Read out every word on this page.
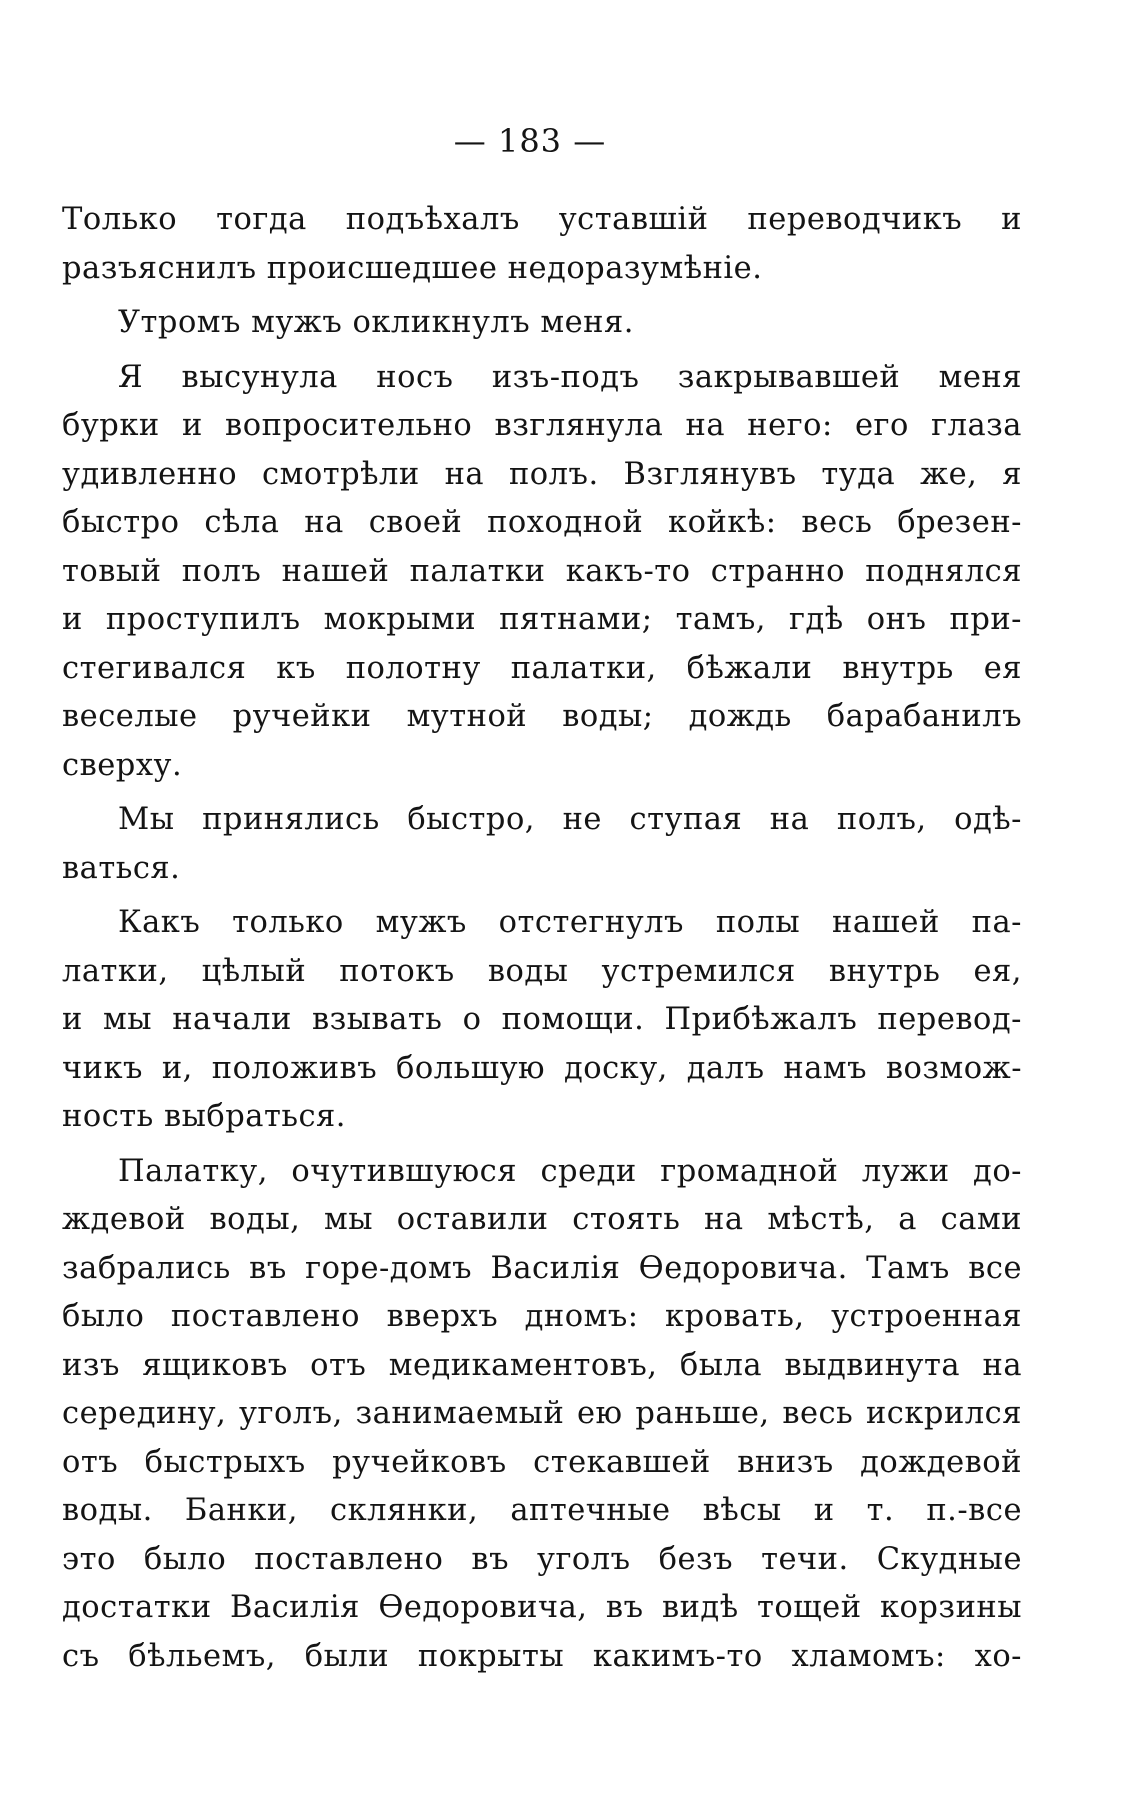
— 183 —
Только тогда подъѣхалъ уставшій переводчикъ и
разъяснилъ происшедшее недоразумѣніе.
Утромъ мужъ окликнулъ меня.
Я высунула носъ изъ-подъ закрывавшей меня
бурки и вопросительно взглянула на него: его глаза
удивленно смотрѣли на полъ. Взглянувъ туда же, я
быстро сѣла на своей походной койкѣ: весь брезен-
товый полъ нашей палатки какъ-то странно поднялся
и проступилъ мокрыми пятнами; тамъ, гдѣ онъ при-
стегивался къ полотну палатки, бѣжали внутрь ея
веселые ручейки мутной воды; дождь барабанилъ
сверху.
Мы принялись быстро, не ступая на полъ, одѣ-
ваться.
Какъ только мужъ отстегнулъ полы нашей па-
латки, цѣлый потокъ воды устремился внутрь ея,
и мы начали взывать о помощи. Прибѣжалъ перевод-
чикъ и, положивъ большую доску, далъ намъ возмож-
ность выбраться.
Палатку, очутившуюся среди громадной лужи до-
ждевой воды, мы оставили стоять на мѣстѣ, а сами
забрались въ горе-домъ Василія Ѳедоровича. Тамъ все
было поставлено вверхъ дномъ: кровать, устроенная
изъ ящиковъ отъ медикаментовъ, была выдвинута на
середину, уголъ, занимаемый ею раньше, весь искрился
отъ быстрыхъ ручейковъ стекавшей внизъ дождевой
воды. Банки, склянки, аптечные вѣсы и т. п.-все
это было поставлено въ уголъ безъ течи. Скудные
достатки Василія Ѳедоровича, въ видѣ тощей корзины
съ бѣльемъ, были покрыты какимъ-то хламомъ: хо-
